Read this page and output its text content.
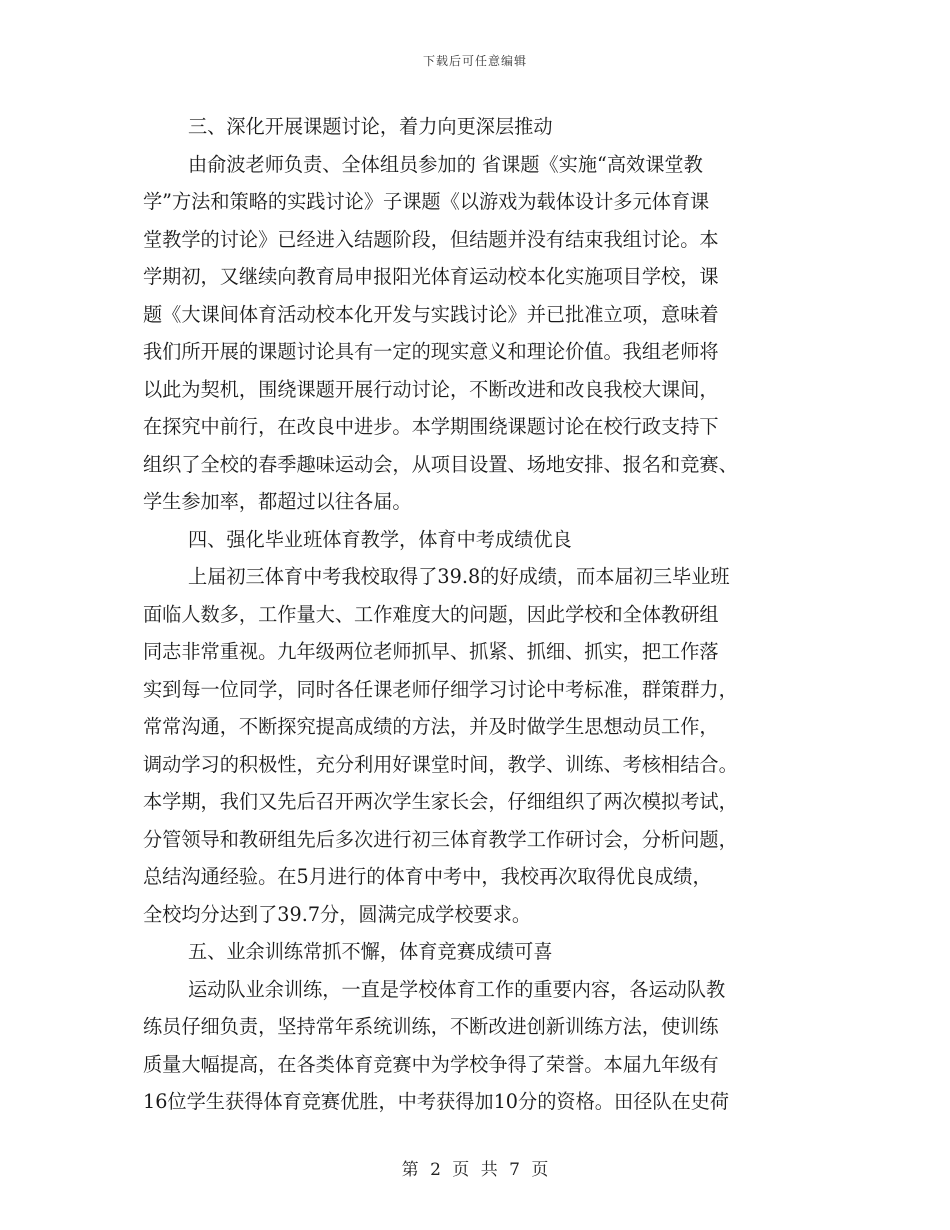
下载后可任意编辑
三、深化开展课题讨论，着力向更深层推动
由俞波老师负责、全体组员参加的 省课题《实施“高效课堂教
学”方法和策略的实践讨论》子课题《以游戏为载体设计多元体育课
堂教学的讨论》已经进入结题阶段，但结题并没有结束我组讨论。本
学期初，又继续向教育局申报阳光体育运动校本化实施项目学校，课
题《大课间体育活动校本化开发与实践讨论》并已批准立项，意味着
我们所开展的课题讨论具有一定的现实意义和理论价值。我组老师将
以此为契机，围绕课题开展行动讨论，不断改进和改良我校大课间，
在探究中前行，在改良中进步。本学期围绕课题讨论在校行政支持下
组织了全校的春季趣味运动会，从项目设置、场地安排、报名和竞赛、
学生参加率，都超过以往各届。
四、强化毕业班体育教学，体育中考成绩优良
上届初三体育中考我校取得了39.8的好成绩，而本届初三毕业班
面临人数多，工作量大、工作难度大的问题，因此学校和全体教研组
同志非常重视。九年级两位老师抓早、抓紧、抓细、抓实，把工作落
实到每一位同学，同时各任课老师仔细学习讨论中考标准，群策群力，
常常沟通，不断探究提高成绩的方法，并及时做学生思想动员工作，
调动学习的积极性，充分利用好课堂时间，教学、训练、考核相结合。
本学期，我们又先后召开两次学生家长会，仔细组织了两次模拟考试，
分管领导和教研组先后多次进行初三体育教学工作研讨会，分析问题，
总结沟通经验。在5月进行的体育中考中，我校再次取得优良成绩，
全校均分达到了39.7分，圆满完成学校要求。
五、业余训练常抓不懈，体育竞赛成绩可喜
运动队业余训练，一直是学校体育工作的重要内容，各运动队教
练员仔细负责，坚持常年系统训练，不断改进创新训练方法，使训练
质量大幅提高，在各类体育竞赛中为学校争得了荣誉。本届九年级有
16位学生获得体育竞赛优胜，中考获得加10分的资格。田径队在史荷
第 2 页 共 7 页
